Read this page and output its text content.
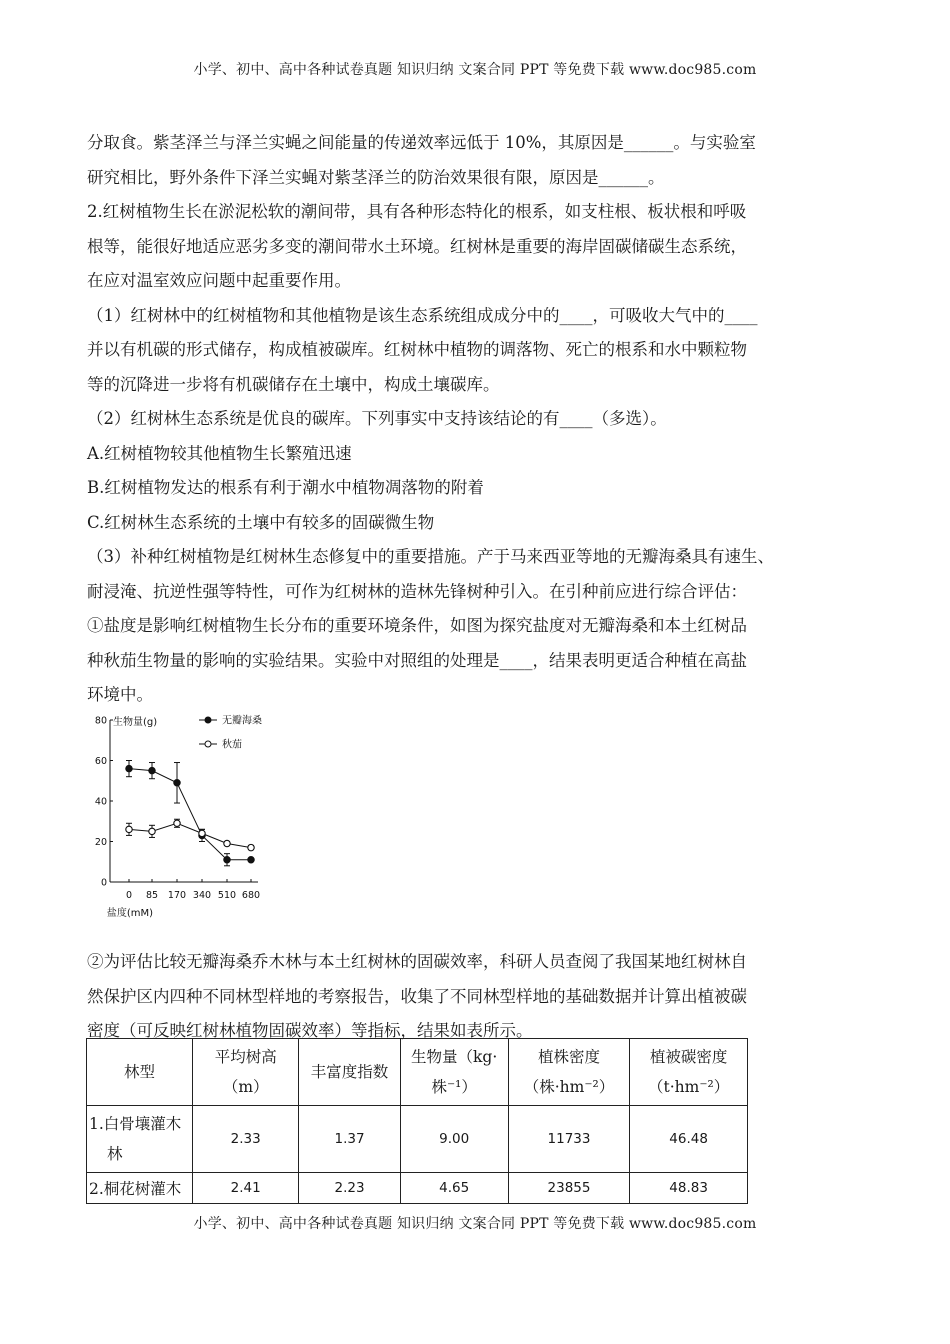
小学、初中、高中各种试卷真题 知识归纳 文案合同 PPT 等免费下载 www.doc985.com

分取食。紫茎泽兰与泽兰实蝇之间能量的传递效率远低于 10%，其原因是______。与实验室

研究相比，野外条件下泽兰实蝇对紫茎泽兰的防治效果很有限，原因是______。

2.红树植物生长在淤泥松软的潮间带，具有各种形态特化的根系，如支柱根、板状根和呼吸

根等，能很好地适应恶劣多变的潮间带水土环境。红树林是重要的海岸固碳储碳生态系统，

在应对温室效应问题中起重要作用。

（1）红树林中的红树植物和其他植物是该生态系统组成成分中的____，可吸收大气中的____

并以有机碳的形式储存，构成植被碳库。红树林中植物的调落物、死亡的根系和水中颗粒物

等的沉降进一步将有机碳储存在土壤中，构成土壤碳库。

（2）红树林生态系统是优良的碳库。下列事实中支持该结论的有____（多选）。

A.红树植物较其他植物生长繁殖迅速

B.红树植物发达的根系有利于潮水中植物凋落物的附着

C.红树林生态系统的土壤中有较多的固碳微生物

（3）补种红树植物是红树林生态修复中的重要措施。产于马来西亚等地的无瓣海桑具有速生、

耐浸淹、抗逆性强等特性，可作为红树林的造林先锋树种引入。在引种前应进行综合评估：

①盐度是影响红树植物生长分布的重要环境条件，如图为探究盐度对无瓣海桑和本土红树品

种秋茄生物量的影响的实验结果。实验中对照组的处理是____，结果表明更适合种植在高盐

环境中。

0
20
40
60
80
0 85 170 340 510 680
生物量(g)
盐度(mM)
无瓣海桑
秋茄

②为评估比较无瓣海桑乔木林与本土红树林的固碳效率，科研人员查阅了我国某地红树林自

然保护区内四种不同林型样地的考察报告，收集了不同林型样地的基础数据并计算出植被碳

密度（可反映红树林植物固碳效率）等指标，结果如表所示。

林型	平均树高
（m）	丰富度指数	生物量（kg·
株⁻¹）	植株密度
（株·hm⁻²）	植被碳密度
（t·hm⁻²）
1.白骨壤灌木
林	2.33	1.37	9.00	11733	46.48
2.桐花树灌木	2.41	2.23	4.65	23855	48.83
小学、初中、高中各种试卷真题 知识归纳 文案合同 PPT 等免费下载 www.doc985.com
